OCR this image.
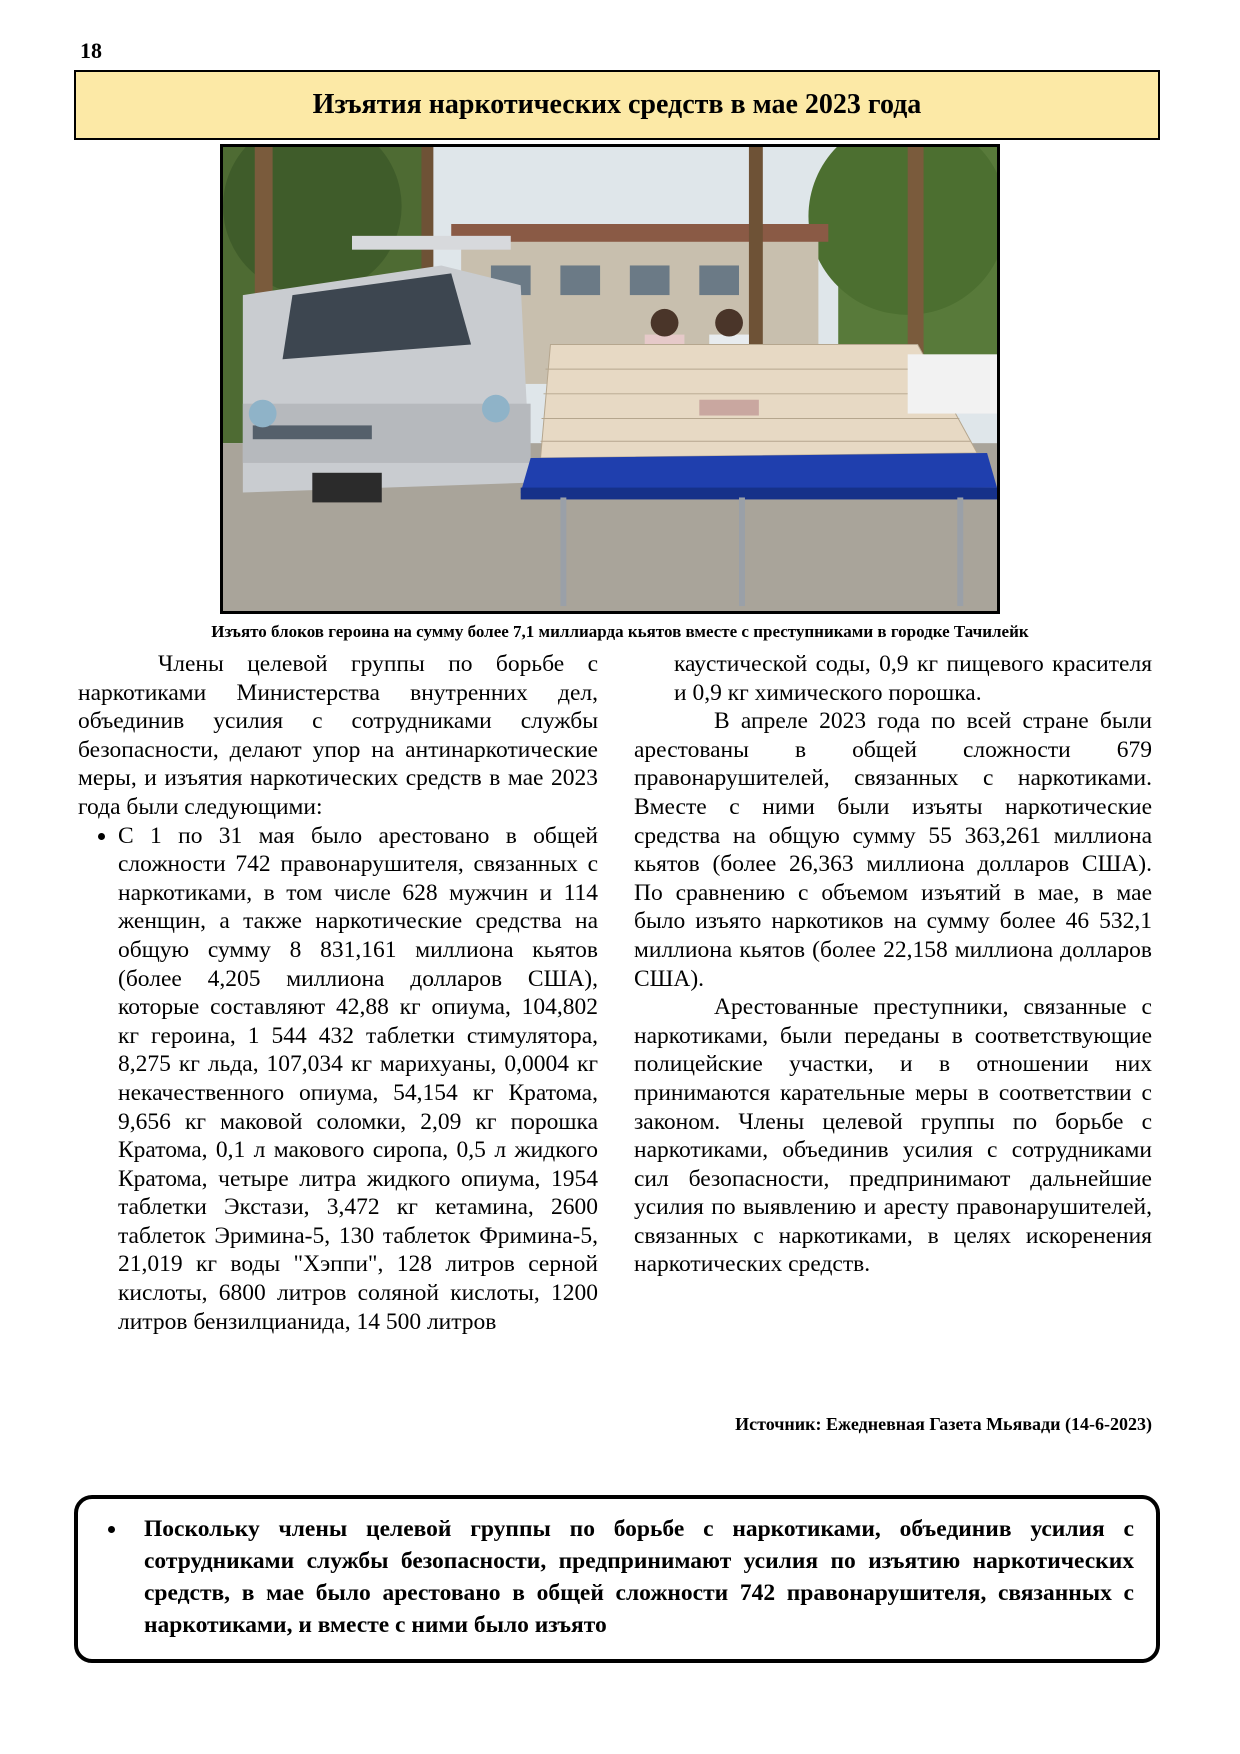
18
Изъятия наркотических средств в мае 2023 года
Изъято блоков героина на сумму более 7,1 миллиарда кьятов вместе с преступниками в городке Тачилейк

Члены целевой группы по борьбе с наркотиками Министерства внутренних дел, объединив усилия с сотрудниками службы безопасности, делают упор на антинаркотические меры, и изъятия наркотических средств в мае 2023 года были следующими:

• С 1 по 31 мая было арестовано в общей сложности 742 правонарушителя, связанных с наркотиками, в том числе 628 мужчин и 114 женщин, а также наркотические средства на общую сумму 8 831,161 миллиона кьятов (более 4,205 миллиона долларов США), которые составляют 42,88 кг опиума, 104,802 кг героина, 1 544 432 таблетки стимулятора, 8,275 кг льда, 107,034 кг марихуаны, 0,0004 кг некачественного опиума, 54,154 кг Кратома, 9,656 кг маковой соломки, 2,09 кг порошка Кратома, 0,1 л макового сиропа, 0,5 л жидкого Кратома, четыре литра жидкого опиума, 1954 таблетки Экстази, 3,472 кг кетамина, 2600 таблеток Эримина-5, 130 таблеток Фримина-5, 21,019 кг воды "Хэппи", 128 литров серной кислоты, 6800 литров соляной кислоты, 1200 литров бензилцианида, 14 500 литров

каустической соды, 0,9 кг пищевого красителя и 0,9 кг химического порошка.

В апреле 2023 года по всей стране были арестованы в общей сложности 679 правонарушителей, связанных с наркотиками. Вместе с ними были изъяты наркотические средства на общую сумму 55 363,261 миллиона кьятов (более 26,363 миллиона долларов США). По сравнению с объемом изъятий в мае, в мае было изъято наркотиков на сумму более 46 532,1 миллиона кьятов (более 22,158 миллиона долларов США).

Арестованные преступники, связанные с наркотиками, были переданы в соответствующие полицейские участки, и в отношении них принимаются карательные меры в соответствии с законом. Члены целевой группы по борьбе с наркотиками, объединив усилия с сотрудниками сил безопасности, предпринимают дальнейшие усилия по выявлению и аресту правонарушителей, связанных с наркотиками, в целях искоренения наркотических средств.

Источник: Ежедневная Газета Мьявади (14-6-2023)
• Поскольку члены целевой группы по борьбе с наркотиками, объединив усилия с сотрудниками службы безопасности, предпринимают усилия по изъятию наркотических средств, в мае было арестовано в общей сложности 742 правонарушителя, связанных с наркотиками, и вместе с ними было изъято
